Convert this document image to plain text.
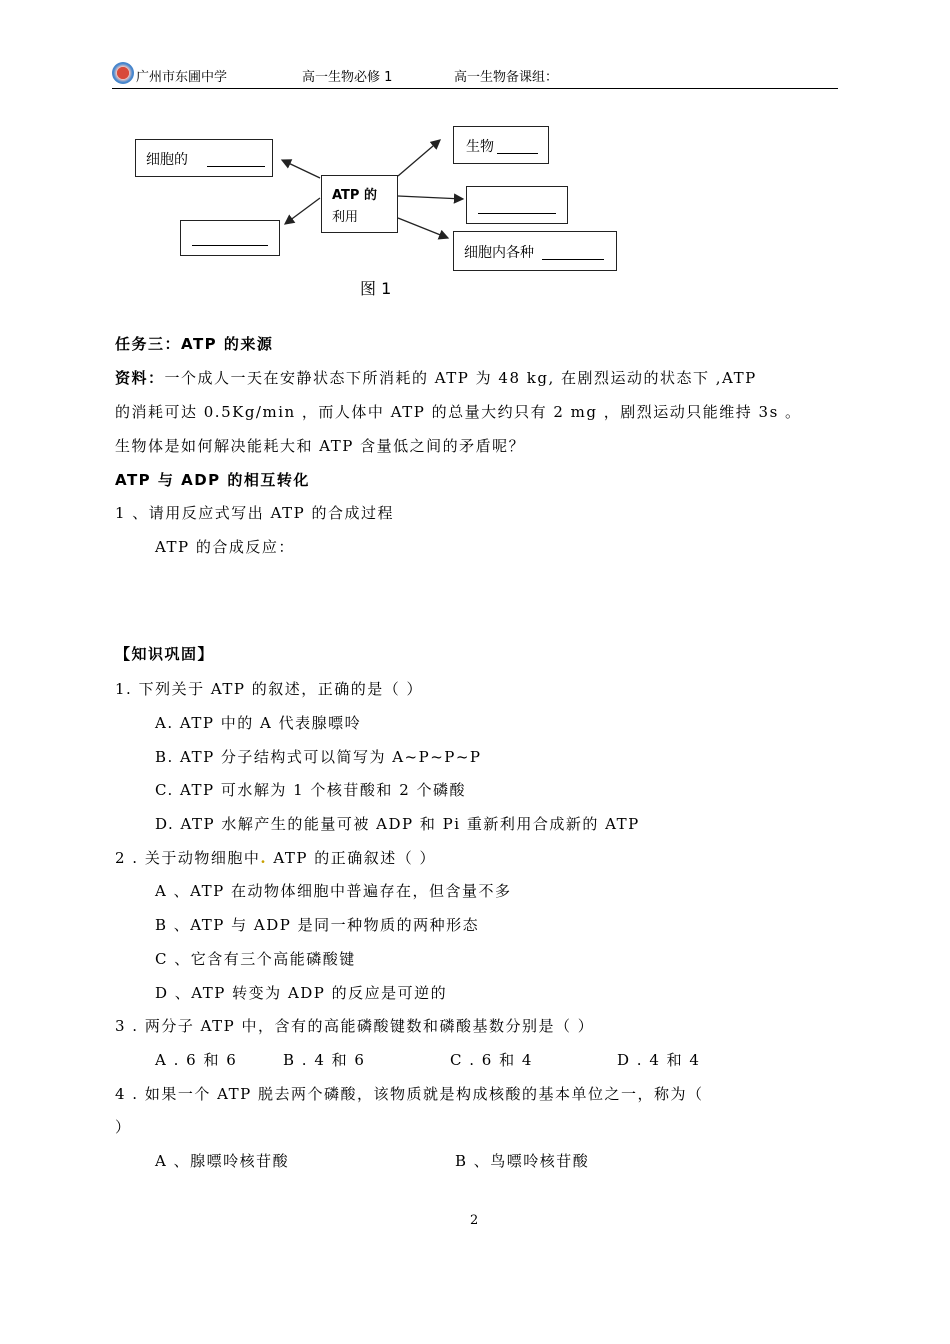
广州市东圃中学	高一生物必修 1	高一生物备课组：
细胞的
ATP 的
利用
生物
细胞内各种
图 1
任务三：ATP 的来源
资料：一个成人一天在安静状态下所消耗的 ATP 为 48 kg, 在剧烈运动的状态下 ,ATP
的消耗可达 0.5Kg/min ，而人体中 ATP 的总量大约只有 2 mg ，剧烈运动只能维持 3s 。
生物体是如何解决能耗大和 ATP 含量低之间的矛盾呢？
ATP 与 ADP 的相互转化
1 、请用反应式写出 ATP 的合成过程
ATP 的合成反应：
【知识巩固】
1. 下列关于 ATP 的叙述，正确的是（ ）
A. ATP 中的 A 代表腺嘌呤
B. ATP 分子结构式可以简写为 A~P~P~P
C. ATP 可水解为 1 个核苷酸和 2 个磷酸
D. ATP 水解产生的能量可被 ADP 和 Pi 重新利用合成新的 ATP
2 . 关于动物细胞中. ATP 的正确叙述（ ）
A 、ATP 在动物体细胞中普遍存在，但含量不多
B 、ATP 与 ADP 是同一种物质的两种形态
C 、它含有三个高能磷酸键
D 、ATP 转变为 ADP 的反应是可逆的
3 . 两分子 ATP 中，含有的高能磷酸键数和磷酸基数分别是（ ）
A . 6 和 6	B . 4 和 6	C . 6 和 4	D . 4 和 4
4 . 如果一个 ATP 脱去两个磷酸，该物质就是构成核酸的基本单位之一，称为（
）
A 、腺嘌呤核苷酸	B 、鸟嘌呤核苷酸
2
